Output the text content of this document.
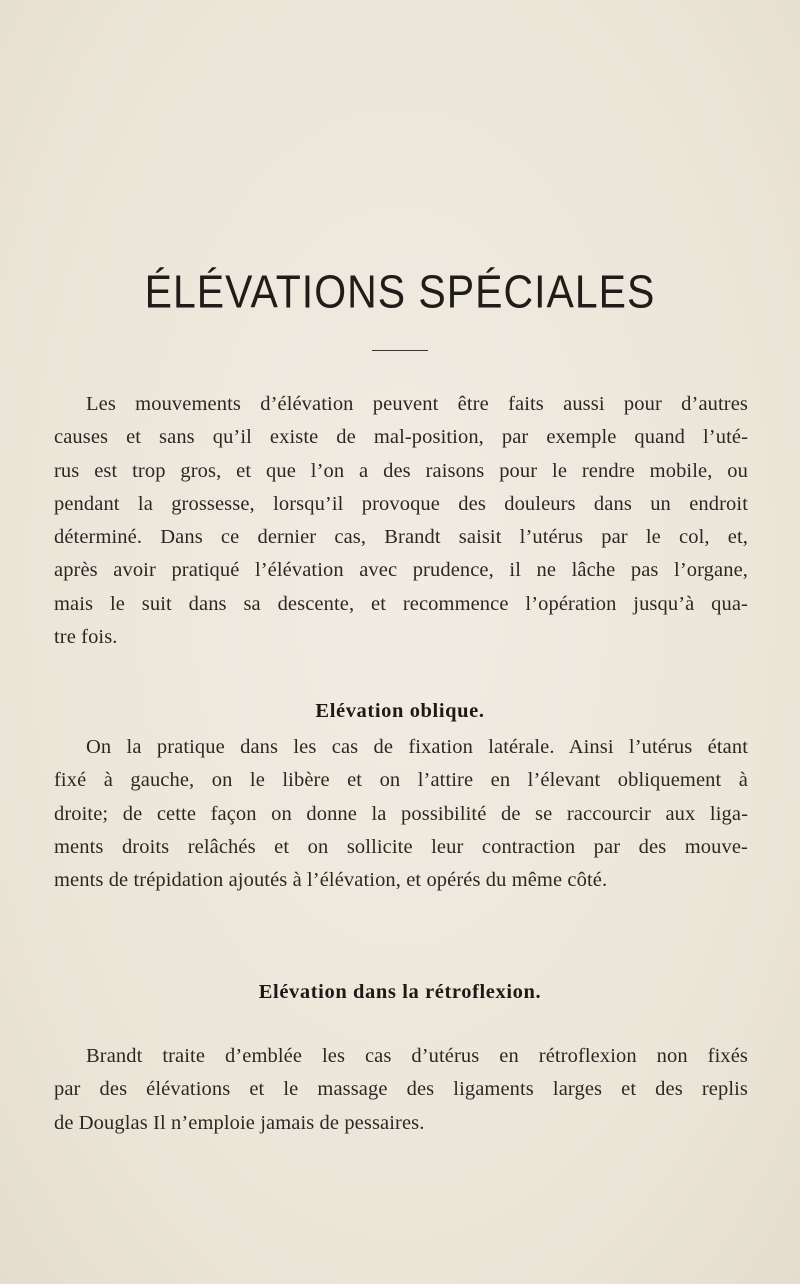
ÉLÉVATIONS SPÉCIALES
Les mouvements d’élévation peuvent être faits aussi pour d’autres
causes et sans qu’il existe de mal-position, par exemple quand l’uté-
rus est trop gros, et que l’on a des raisons pour le rendre mobile, ou
pendant la grossesse, lorsqu’il provoque des douleurs dans un endroit
déterminé. Dans ce dernier cas, Brandt saisit l’utérus par le col, et,
après avoir pratiqué l’élévation avec prudence, il ne lâche pas l’organe,
mais le suit dans sa descente, et recommence l’opération jusqu’à qua-
tre fois.
Elévation oblique.
On la pratique dans les cas de fixation latérale. Ainsi l’utérus étant
fixé à gauche, on le libère et on l’attire en l’élevant obliquement à
droite; de cette façon on donne la possibilité de se raccourcir aux liga-
ments droits relâchés et on sollicite leur contraction par des mouve-
ments de trépidation ajoutés à l’élévation, et opérés du même côté.
Elévation dans la rétroflexion.
Brandt traite d’emblée les cas d’utérus en rétroflexion non fixés
par des élévations et le massage des ligaments larges et des replis
de Douglas Il n’emploie jamais de pessaires.
